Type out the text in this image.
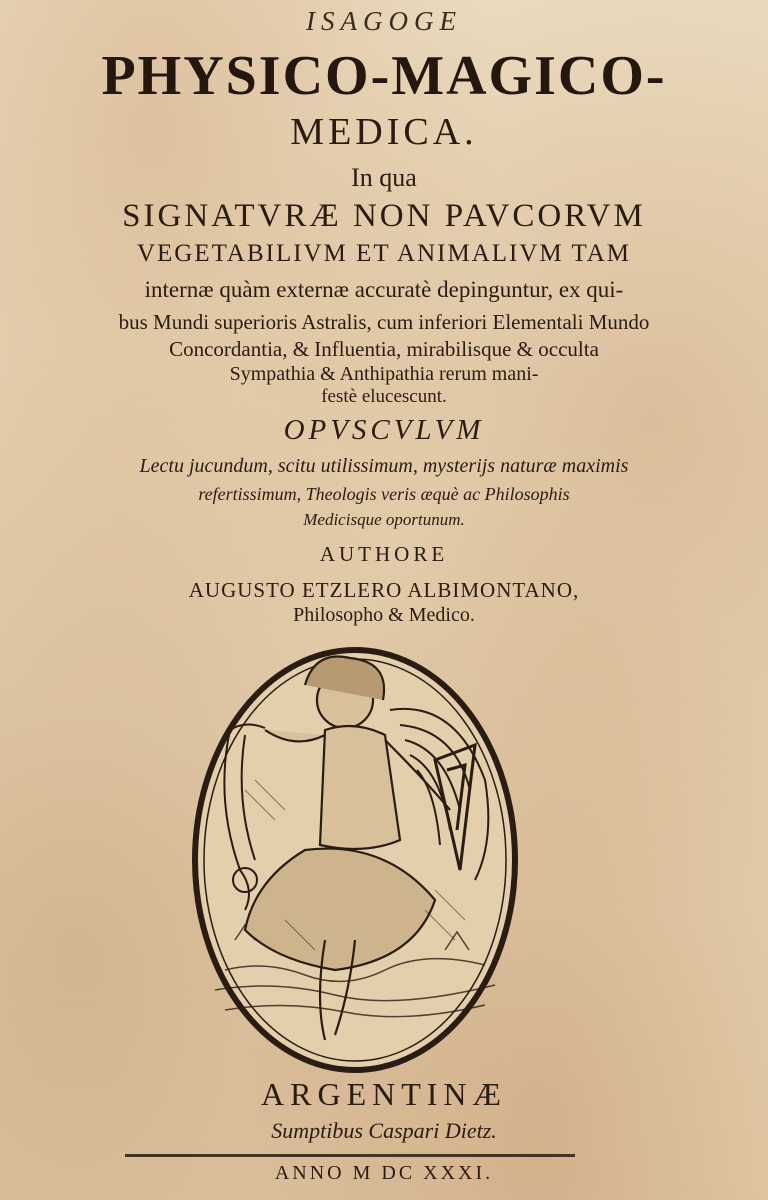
ISAGOGE
PHYSICO-MAGICO-
MEDICA.
In qua
SIGNATVRÆ NON PAVCORVM
VEGETABILIVM ET ANIMALIVM TAM
internæ quàm externæ accuratè depinguntur, ex qui-
bus Mundi superioris Astralis, cum inferiori Elementali Mundo
Concordantia, & Influentia, mirabilisque & occulta
Sympathia & Anthipathia rerum mani-
festè elucescunt.
OPVSCVLVM
Lectu jucundum, scitu utilissimum, mysterijs naturæ maximis
refertissimum, Theologis veris æquè ac Philosophis
Medicisque oportunum.
AUTHORE
AUGUSTO ETZLERO ALBIMONTANO,
Philosopho & Medico.
ARGENTINÆ
Sumptibus Caspari Dietz.
ANNO M DC XXXI.
